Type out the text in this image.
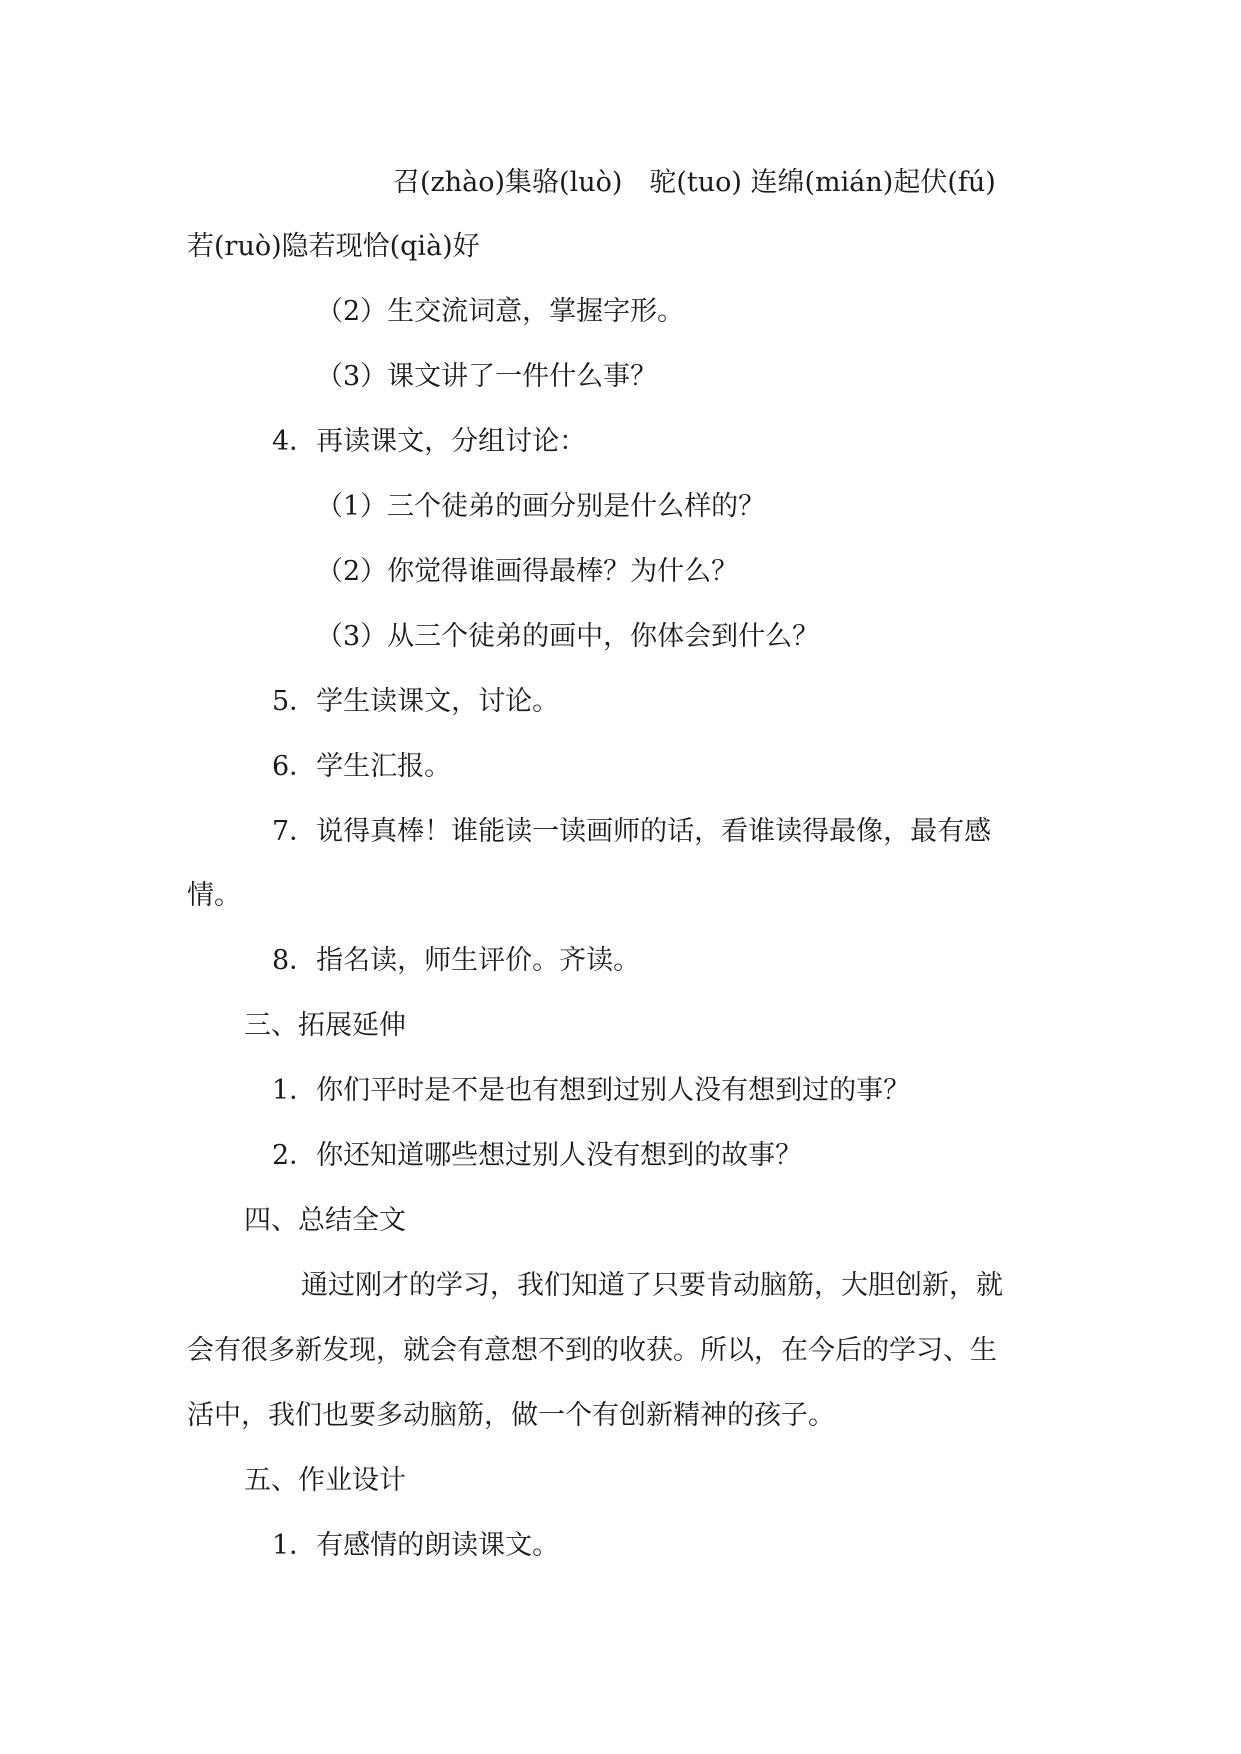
召(zhào)集骆(luò)　驼(tuo) 连绵(mián)起伏(fú)
若(ruò)隐若现恰(qià)好
（2）生交流词意，掌握字形。
（3）课文讲了一件什么事？
4．再读课文，分组讨论：
（1）三个徒弟的画分别是什么样的？
（2）你觉得谁画得最棒？为什么？
（3）从三个徒弟的画中，你体会到什么？
5．学生读课文，讨论。
6．学生汇报。
7．说得真棒！谁能读一读画师的话，看谁读得最像，最有感
情。
8．指名读，师生评价。齐读。
三、拓展延伸
1．你们平时是不是也有想到过别人没有想到过的事？
2．你还知道哪些想过别人没有想到的故事？
四、总结全文
通过刚才的学习，我们知道了只要肯动脑筋，大胆创新，就
会有很多新发现，就会有意想不到的收获。所以，在今后的学习、生
活中，我们也要多动脑筋，做一个有创新精神的孩子。
五、作业设计
1．有感情的朗读课文。
